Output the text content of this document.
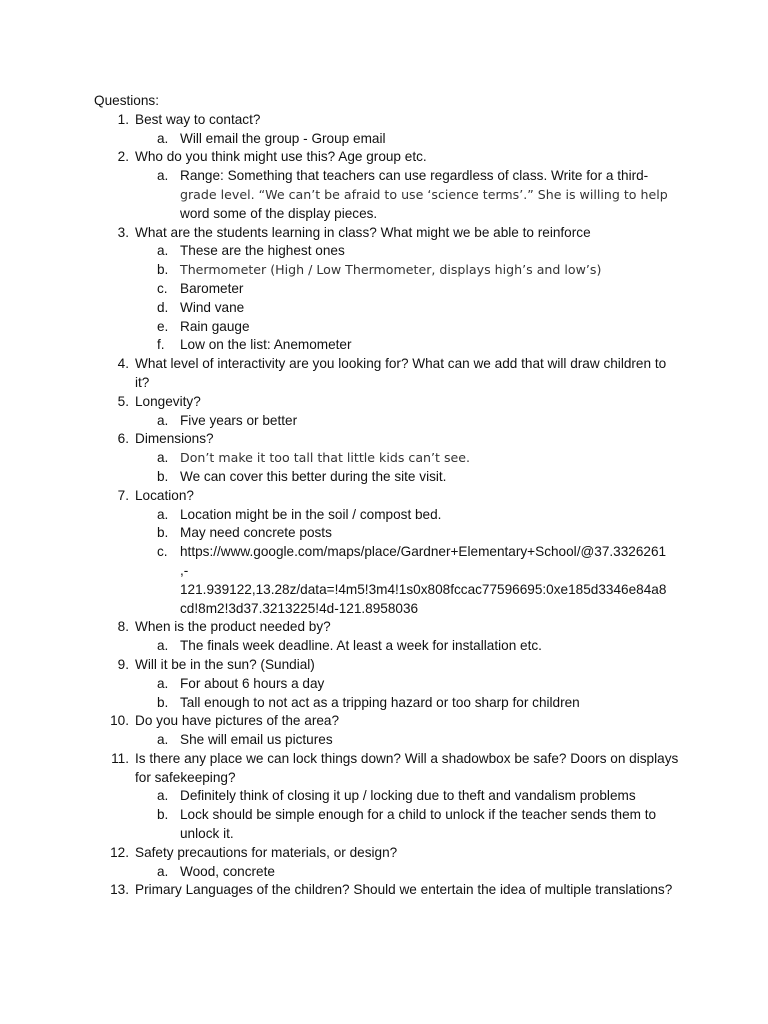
Questions:

1. Best way to contact?
a. Will email the group - Group email
2. Who do you think might use this? Age group etc.
a. Range: Something that teachers can use regardless of class. Write for a third-
grade level. “We can’t be afraid to use ‘science terms’.” She is willing to help
word some of the display pieces.
3. What are the students learning in class? What might we be able to reinforce
a. These are the highest ones
b. Thermometer (High / Low Thermometer, displays high’s and low’s)
c. Barometer
d. Wind vane
e. Rain gauge
f. Low on the list: Anemometer
4. What level of interactivity are you looking for? What can we add that will draw children to it?
5. Longevity?
a. Five years or better
6. Dimensions?
a. Don’t make it too tall that little kids can’t see.
b. We can cover this better during the site visit.
7. Location?
a. Location might be in the soil / compost bed.
b. May need concrete posts
c. https://www.google.com/maps/place/Gardner+Elementary+School/@37.3326261
,-
121.939122,13.28z/data=!4m5!3m4!1s0x808fccac77596695:0xe185d3346e84a8
cd!8m2!3d37.3213225!4d-121.8958036
8. When is the product needed by?
a. The finals week deadline. At least a week for installation etc.
9. Will it be in the sun? (Sundial)
a. For about 6 hours a day
b. Tall enough to not act as a tripping hazard or too sharp for children
10. Do you have pictures of the area?
a. She will email us pictures
11. Is there any place we can lock things down? Will a shadowbox be safe? Doors on displays for safekeeping?
a. Definitely think of closing it up / locking due to theft and vandalism problems
b. Lock should be simple enough for a child to unlock if the teacher sends them to unlock it.
12. Safety precautions for materials, or design?
a. Wood, concrete
13. Primary Languages of the children? Should we entertain the idea of multiple translations?
